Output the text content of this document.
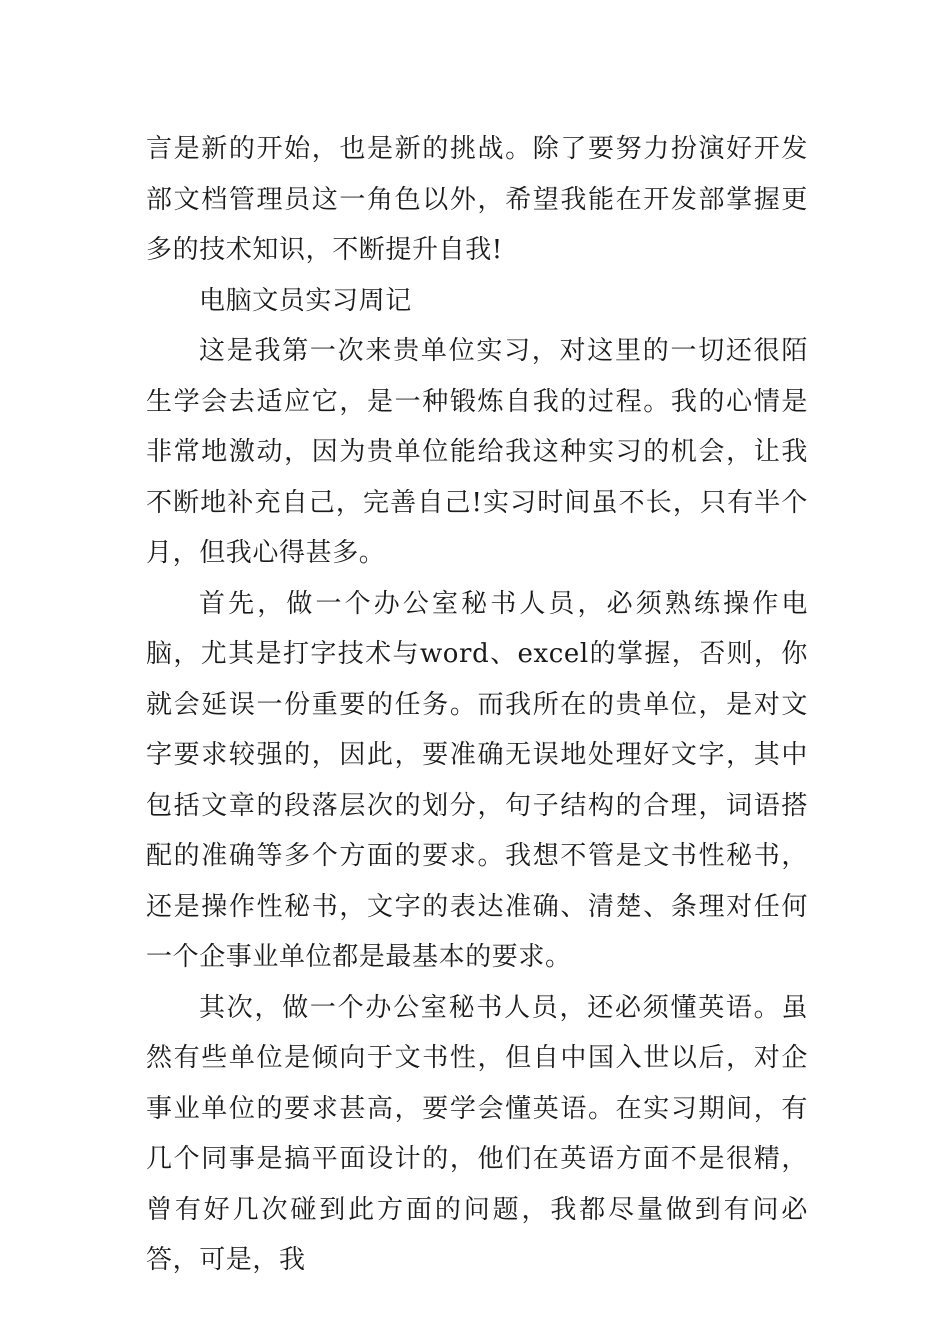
言是新的开始，也是新的挑战。除了要努力扮演好开发部文档管理员这一角色以外，希望我能在开发部掌握更多的技术知识，不断提升自我!

电脑文员实习周记

这是我第一次来贵单位实习，对这里的一切还很陌生学会去适应它，是一种锻炼自我的过程。我的心情是非常地激动，因为贵单位能给我这种实习的机会，让我不断地补充自己，完善自己!实习时间虽不长，只有半个月，但我心得甚多。

首先，做一个办公室秘书人员，必须熟练操作电脑，尤其是打字技术与word、excel的掌握，否则，你就会延误一份重要的任务。而我所在的贵单位，是对文字要求较强的，因此，要准确无误地处理好文字，其中包括文章的段落层次的划分，句子结构的合理，词语搭配的准确等多个方面的要求。我想不管是文书性秘书，还是操作性秘书，文字的表达准确、清楚、条理对任何一个企事业单位都是最基本的要求。

其次，做一个办公室秘书人员，还必须懂英语。虽然有些单位是倾向于文书性，但自中国入世以后，对企事业单位的要求甚高，要学会懂英语。在实习期间，有几个同事是搞平面设计的，他们在英语方面不是很精，曾有好几次碰到此方面的问题，我都尽量做到有问必答，可是，我
